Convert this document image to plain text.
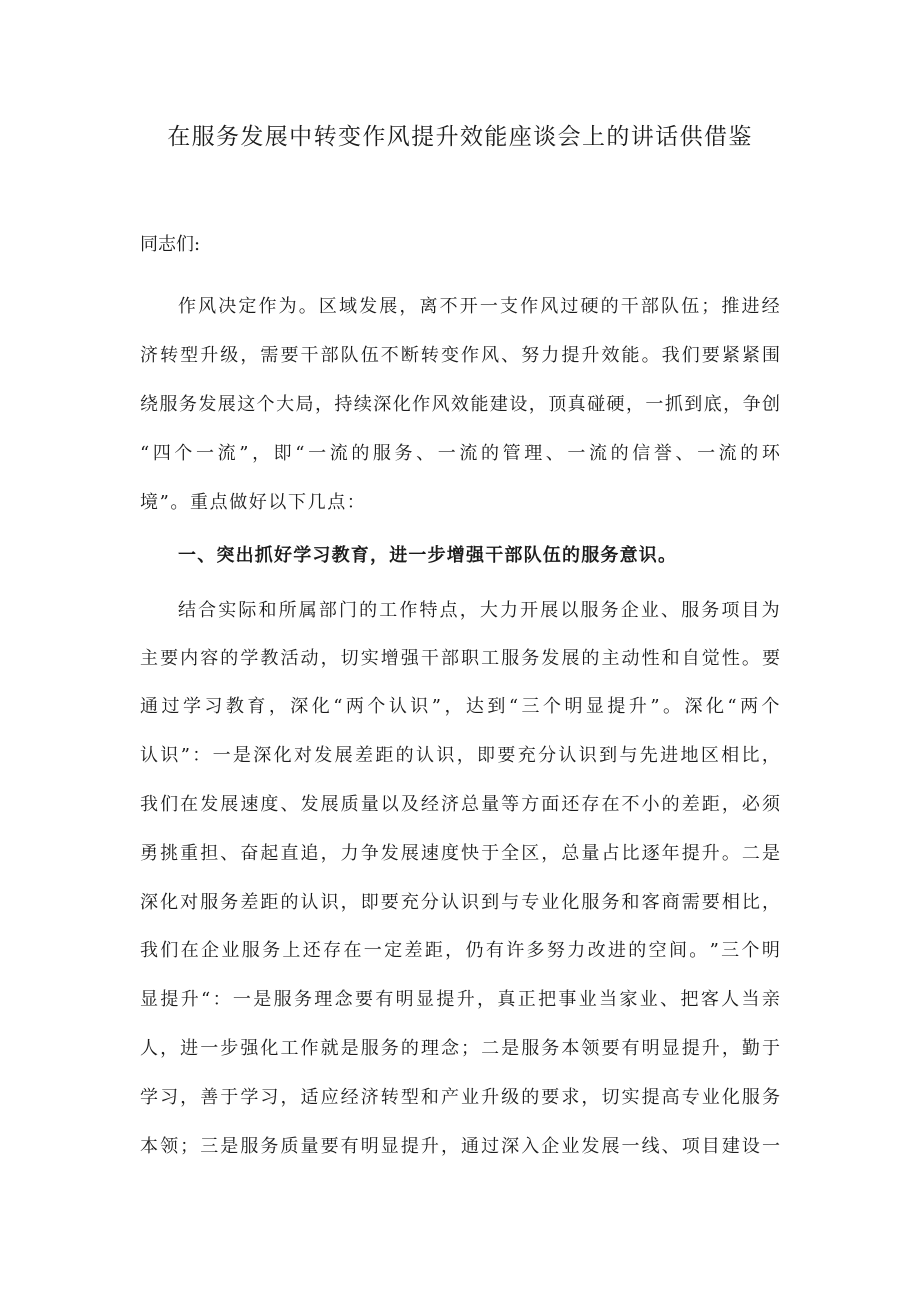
在服务发展中转变作风提升效能座谈会上的讲话供借鉴
同志们:
作 风 决 定 作 为 。 区 域 发 展 ， 离 不 开 一 支 作 风 过 硬 的 干 部 队 伍 ； 推 进 经
济 转 型 升 级 ， 需 要 干 部 队 伍 不 断 转 变 作 风 、 努 力 提 升 效 能 。 我 们 要 紧 紧 围
绕 服 务 发 展 这 个 大 局 ， 持 续 深 化 作 风 效 能 建 设 ， 顶 真 碰 硬 ， 一 抓 到 底 ， 争 创
“ 四 个 一 流 ” ， 即 “ 一 流 的 服 务 、 一 流 的 管 理 、 一 流 的 信 誉 、 一 流 的 环
境”。重点做好以下几点：
一、突出抓好学习教育，进一步增强干部队伍的服务意识。
结 合 实 际 和 所 属 部 门 的 工 作 特 点 ， 大 力 开 展 以 服 务 企 业 、 服 务 项 目 为
主 要 内 容 的 学 教 活 动 ， 切 实 增 强 干 部 职 工 服 务 发 展 的 主 动 性 和 自 觉 性 。 要
通 过 学 习 教 育 ， 深 化 “ 两 个 认 识 ” ， 达 到 “ 三 个 明 显 提 升 ” 。 深 化 “ 两 个
认 识 ” ： 一 是 深 化 对 发 展 差 距 的 认 识 ， 即 要 充 分 认 识 到 与 先 进 地 区 相 比 ，
我 们 在 发 展 速 度 、 发 展 质 量 以 及 经 济 总 量 等 方 面 还 存 在 不 小 的 差 距 ， 必 须
勇 挑 重 担 、 奋 起 直 追 ， 力 争 发 展 速 度 快 于 全 区 ， 总 量 占 比 逐 年 提 升 。 二 是
深 化 对 服 务 差 距 的 认 识 ， 即 要 充 分 认 识 到 与 专 业 化 服 务 和 客 商 需 要 相 比 ，
我 们 在 企 业 服 务 上 还 存 在 一 定 差 距 ， 仍 有 许 多 努 力 改 进 的 空 间 。 ” 三 个 明
显 提 升 “ ： 一 是 服 务 理 念 要 有 明 显 提 升 ， 真 正 把 事 业 当 家 业 、 把 客 人 当 亲
人 ， 进 一 步 强 化 工 作 就 是 服 务 的 理 念 ； 二 是 服 务 本 领 要 有 明 显 提 升 ， 勤 于
学 习 ， 善 于 学 习 ， 适 应 经 济 转 型 和 产 业 升 级 的 要 求 ， 切 实 提 高 专 业 化 服 务
本 领 ； 三 是 服 务 质 量 要 有 明 显 提 升 ， 通 过 深 入 企 业 发 展 一 线 、 项 目 建 设 一
